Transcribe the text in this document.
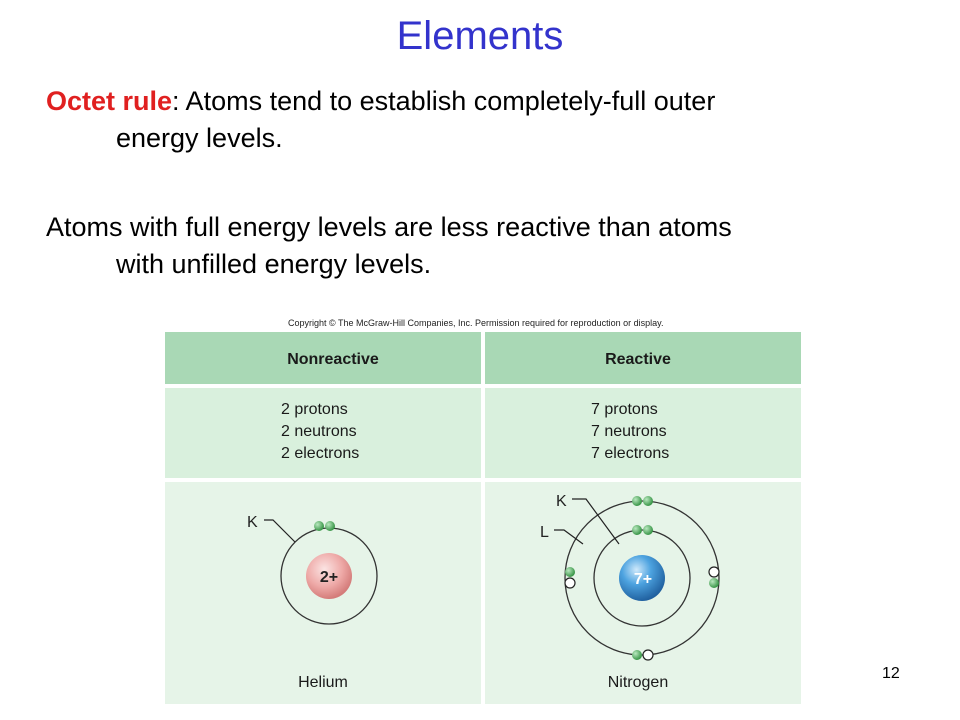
Elements
Octet rule: Atoms tend to establish completely-full outer
energy levels.
Atoms with full energy levels are less reactive than atoms
with unfilled energy levels.
Copyright © The McGraw-Hill Companies, Inc. Permission required for reproduction or display.
Nonreactive	Reactive
2 protons
2 neutrons
2 electrons
7 protons
7 neutrons
7 electrons
2+
K
Helium
7+
K
L
Nitrogen
12
